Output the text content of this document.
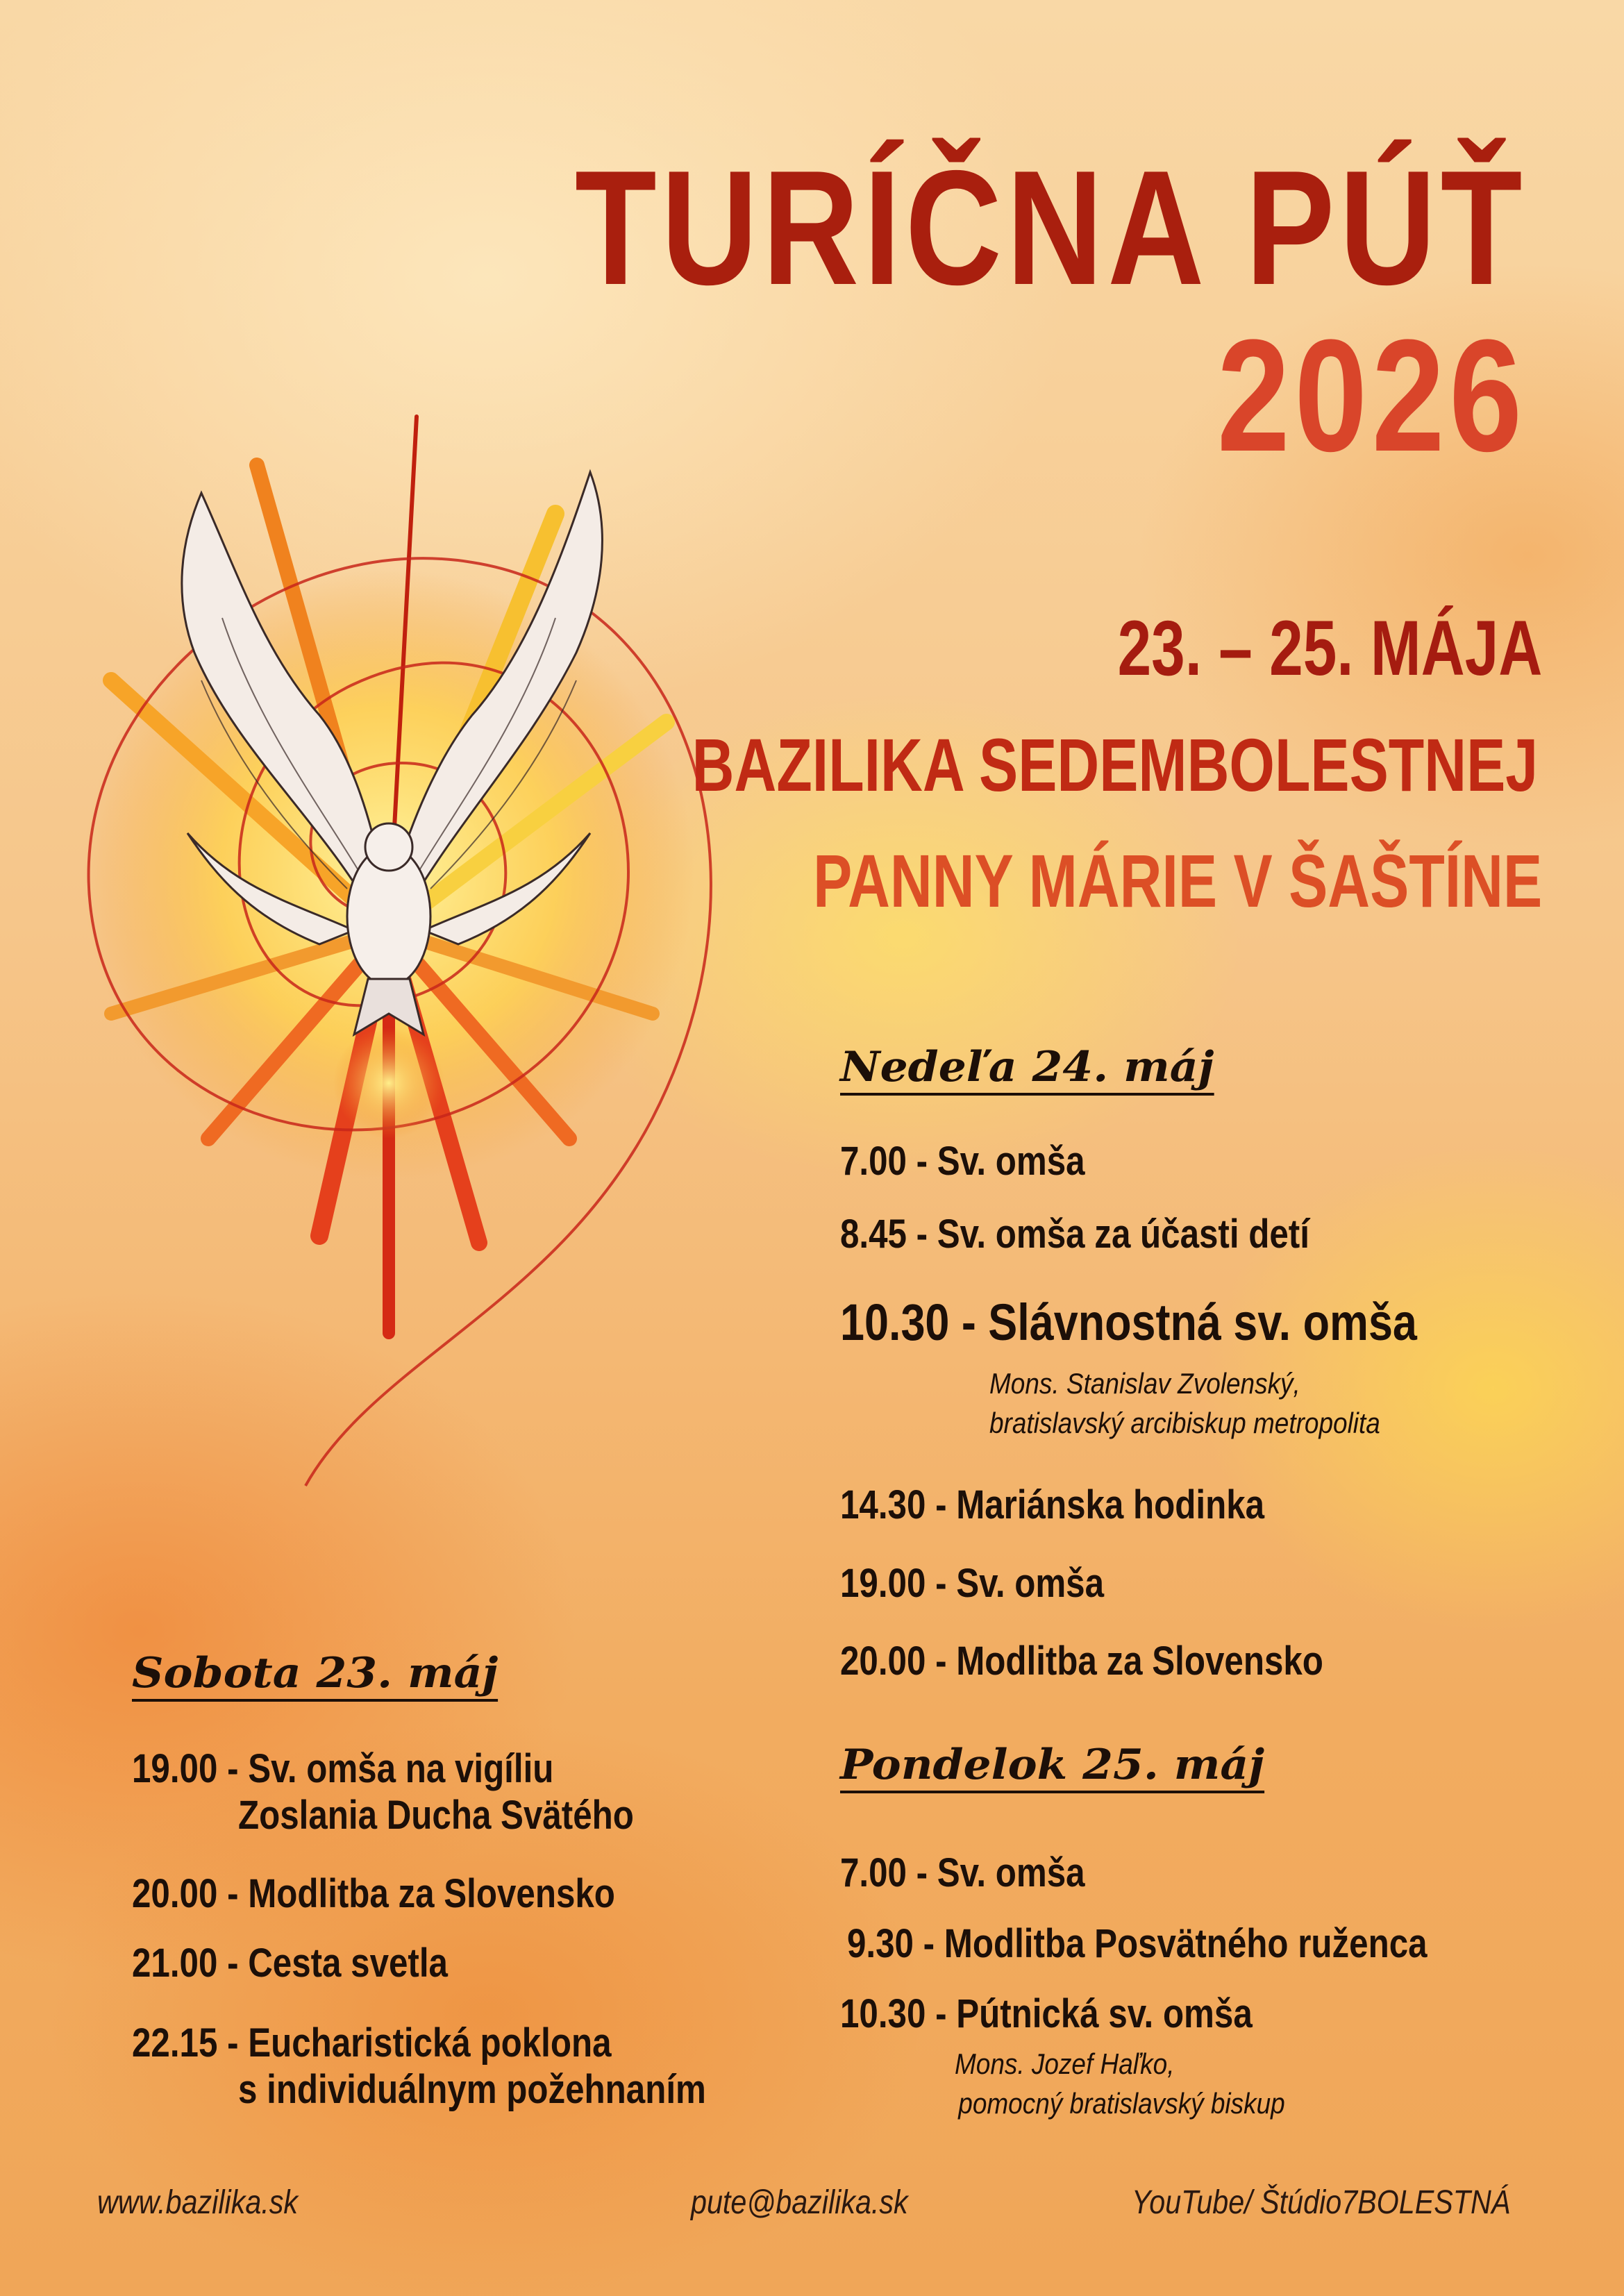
TURÍČNA PÚŤ
2026
23. – 25. MÁJA
BAZILIKA SEDEMBOLESTNEJ
PANNY MÁRIE V ŠAŠTÍNE
Nedeľa 24. máj
7.00 - Sv. omša
8.45 - Sv. omša za účasti detí
10.30 - Slávnostná sv. omša
Mons. Stanislav Zvolenský,
bratislavský arcibiskup metropolita
14.30 - Mariánska hodinka
19.00 - Sv. omša
20.00 - Modlitba za Slovensko
Pondelok 25. máj
7.00 - Sv. omša
9.30 - Modlitba Posvätného ruženca
10.30 - Pútnická sv. omša
Mons. Jozef Haľko,
pomocný bratislavský biskup
Sobota 23. máj
19.00 - Sv. omša na vigíliu
Zoslania Ducha Svätého
20.00 - Modlitba za Slovensko
21.00 - Cesta svetla
22.15 - Eucharistická poklona
s individuálnym požehnaním
www.bazilika.sk	pute@bazilika.sk	YouTube/ Štúdio7BOLESTNÁ
